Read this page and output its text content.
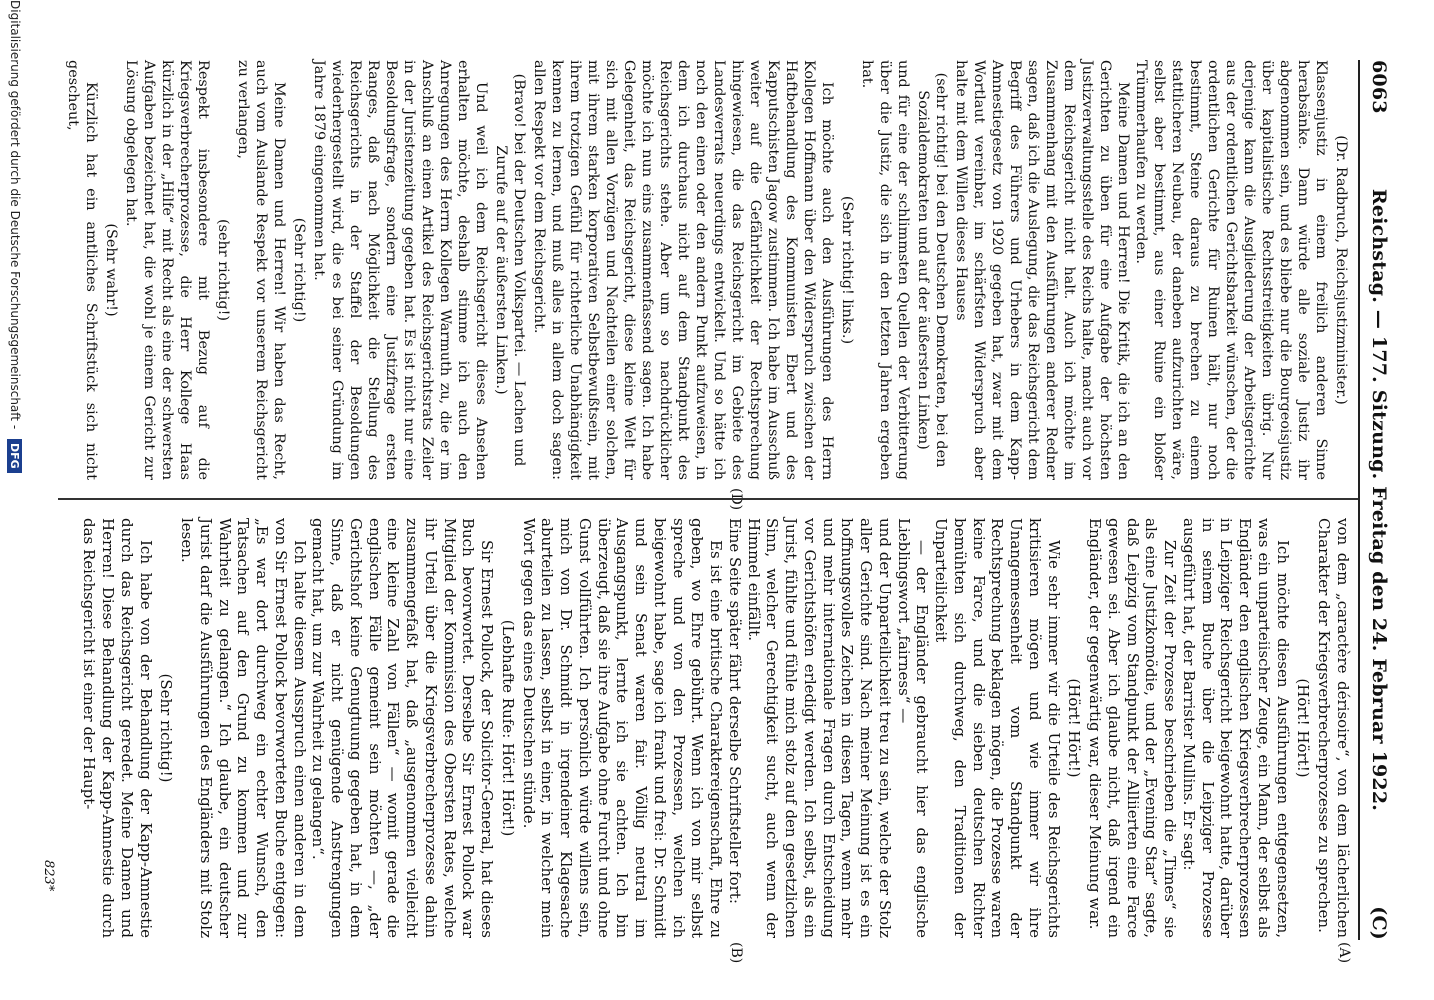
6063
Reichstag. — 177. Sitzung. Freitag den 24. Februar 1922.
(C)
(A)
(B)

(Dr. Radbruch, Reichsjustizminister.)

Klassenjustiz in einem freilich anderen Sinne herabsänke. Dann würde alle soziale Justiz ihr abgenommen sein, und es bliebe nur die Bourgeoisjustiz über kapitalistische Rechtsstreitigkeiten übrig. Nur derjenige kann die Ausgliederung der Arbeitsgerichte aus der ordentlichen Gerichtsbarkeit wünschen, der die ordentlichen Gerichte für Ruinen hält, nur noch bestimmt, Steine daraus zu brechen zu einem stattlicheren Neubau, der daneben aufzurichten wäre, selbst aber bestimmt, aus einer Ruine ein bloßer Trümmerhaufen zu werden.

Meine Damen und Herren! Die Kritik, die ich an den Gerichten zu üben für eine Aufgabe der höchsten Justizverwaltungsstelle des Reichs halte, macht auch vor dem Reichsgericht nicht halt. Auch ich möchte im Zusammenhang mit den Ausführungen anderer Redner sagen, daß ich die Auslegung, die das Reichsgericht dem Begriff des Führers und Urhebers in dem Kapp-Amnestiegesetz von 1920 gegeben hat, zwar mit dem Wortlaut vereinbar, im schärfsten Widerspruch aber halte mit dem Willen dieses Hauses

(sehr richtig! bei den Deutschen Demokraten, bei den Sozialdemokraten und auf der äußersten Linken)

und für eine der schlimmsten Quellen der Verbitterung über die Justiz, die sich in den letzten Jahren ergeben hat.

(Sehr richtig! links.)

Ich möchte auch den Ausführungen des Herrn Kollegen Hoffmann über den Widerspruch zwischen der Haftbehandlung des Kommunisten Ebert und des Kapputschisten Jagow zustimmen. Ich habe im Ausschuß weiter auf die Gefährlichkeit der Rechtsprechung hingewiesen, die das Reichsgericht im Gebiete des Landesverrats neuerdings entwickelt. Und so hätte ich noch den einen oder den andern Punkt aufzuweisen, in dem ich durchaus nicht auf dem Standpunkt des Reichsgerichts stehe. Aber um so nachdrücklicher möchte ich nun eins zusammenfassend sagen. Ich habe Gelegenheit, das Reichsgericht, diese kleine Welt für sich mit allen Vorzügen und Nachteilen einer solchen, mit ihrem starken korporativen Selbstbewußtsein, mit ihrem trotzigen Gefühl für richterliche Unabhängigkeit kennen zu lernen, und muß alles in allem doch sagen: allen Respekt vor dem Reichsgericht.

(Bravo! bei der Deutschen Volkspartei. — Lachen und Zurufe auf der äußersten Linken.)

Und weil ich dem Reichsgericht dieses Ansehen erhalten möchte, deshalb stimme ich auch den Anregungen des Herrn Kollegen Warmuth zu, die er im Anschluß an einen Artikel des Reichsgerichtsrats Zeiler in der Juristenzeitung gegeben hat. Es ist nicht nur eine Besoldungsfrage, sondern eine Justizfrage ersten Ranges, daß nach Möglichkeit die Stellung des Reichsgerichts in der Staffel der Besoldungen wiederhergestellt wird, die es bei seiner Gründung im Jahre 1879 eingenommen hat.

(Sehr richtig!)

Meine Damen und Herren! Wir haben das Recht, auch vom Auslande Respekt vor unserem Reichsgericht zu verlangen,

(sehr richtig!)

Respekt insbesondere mit Bezug auf die Kriegsverbrecherprozesse, die Herr Kollege Haas kürzlich in der „Hilfe“ mit Recht als eine der schwersten Aufgaben bezeichnet hat, die wohl je einem Gericht zur Lösung obgelegen hat.

(Sehr wahr!)

Kürzlich hat ein amtliches Schriftstück sich nicht gescheut,

von dem „caractère dérisoire“, von dem lächerlichen Charakter der Kriegsverbrecherprozesse zu sprechen.

(Hört! Hört!)

Ich möchte diesen Ausführungen entgegensetzen, was ein unparteiischer Zeuge, ein Mann, der selbst als Engländer den englischen Kriegsverbrecherprozessen in Leipziger Reichsgericht beigewohnt hatte, darüber in seinem Buche über die Leipziger Prozesse ausgeführt hat, der Barrister Mullins. Er sagt:

Zur Zeit der Prozesse beschrieben die „Times“ sie als eine Justizkomödie, und der „Evening Star“ sagte, daß Leipzig vom Standpunkt der Alliierten eine Farce gewesen sei. Aber ich glaube nicht, daß irgend ein Engländer, der gegenwärtig war, dieser Meinung war.

(Hört! Hört!)

Wie sehr immer wir die Urteile des Reichsgerichts kritisieren mögen und wie immer wir ihre Unangemessenheit vom Standpunkt der Rechtsprechung beklagen mögen, die Prozesse waren keine Farce, und die sieben deutschen Richter bemühten sich durchweg, den Traditionen der Unparteilichkeit

— der Engländer gebraucht hier das englische Lieblingswort „fairness“ —

und der Unparteilichkeit treu zu sein, welche der Stolz aller Gerichte sind. Nach meiner Meinung ist es ein hoffnungsvolles Zeichen in diesen Tagen, wenn mehr und mehr internationale Fragen durch Entscheidung vor Gerichtshöfen erledigt werden. Ich selbst, als ein Jurist, fühlte und fühle mich stolz auf den gesetzlichen Sinn, welcher Gerechtigkeit sucht, auch wenn der Himmel einfällt.

Eine Seite später fährt derselbe Schriftsteller fort:

Es ist eine britische Charaktereigenschaft, Ehre zu geben, wo Ehre gebührt. Wenn ich von mir selbst spreche und von den Prozessen, welchen ich beigewohnt habe, sage ich frank und frei: Dr. Schmidt und sein Senat waren fair. Völlig neutral im Ausgangspunkt, lernte ich sie achten. Ich bin überzeugt, daß sie ihre Aufgabe ohne Furcht und ohne Gunst vollführten. Ich persönlich würde willens sein, mich von Dr. Schmidt in irgendeiner Klagesache aburteilen zu lassen, selbst in einer, in welcher mein Wort gegen das eines Deutschen stünde.

(Lebhafte Rufe: Hört! Hört!)

Sir Ernest Pollock, der Solicitor-General, hat dieses Buch bevorwortet. Derselbe Sir Ernest Pollock war Mitglied der Kommission des Obersten Rates, welche ihr Urteil über die Kriegsverbrecherprozesse dahin zusammengefaßt hat, daß „ausgenommen vielleicht eine kleine Zahl von Fällen“ — womit gerade die englischen Fälle gemeint sein möchten —, „der Gerichtshof keine Genugtuung gegeben hat, in dem Sinne, daß er nicht genügende Anstrengungen gemacht hat, um zur Wahrheit zu gelangen“.

Ich halte diesem Ausspruch einen anderen in dem von Sir Ernest Pollock bevorworteten Buche entgegen: „Es war dort durchweg ein echter Wunsch, den Tatsachen auf den Grund zu kommen und zur Wahrheit zu gelangen.“ Ich glaube, ein deutscher Jurist darf die Ausführungen des Engländers mit Stolz lesen.

(Sehr richtig!)

Ich habe von der Behandlung der Kapp-Amnestie durch das Reichsgericht geredet. Meine Damen und Herren! Diese Behandlung der Kapp-Amnestie durch das Reichsgericht ist einer der Haupt-

823*
Digitalisierung gefördert durch die Deutsche Forschungsgemeinschaft - DFG
